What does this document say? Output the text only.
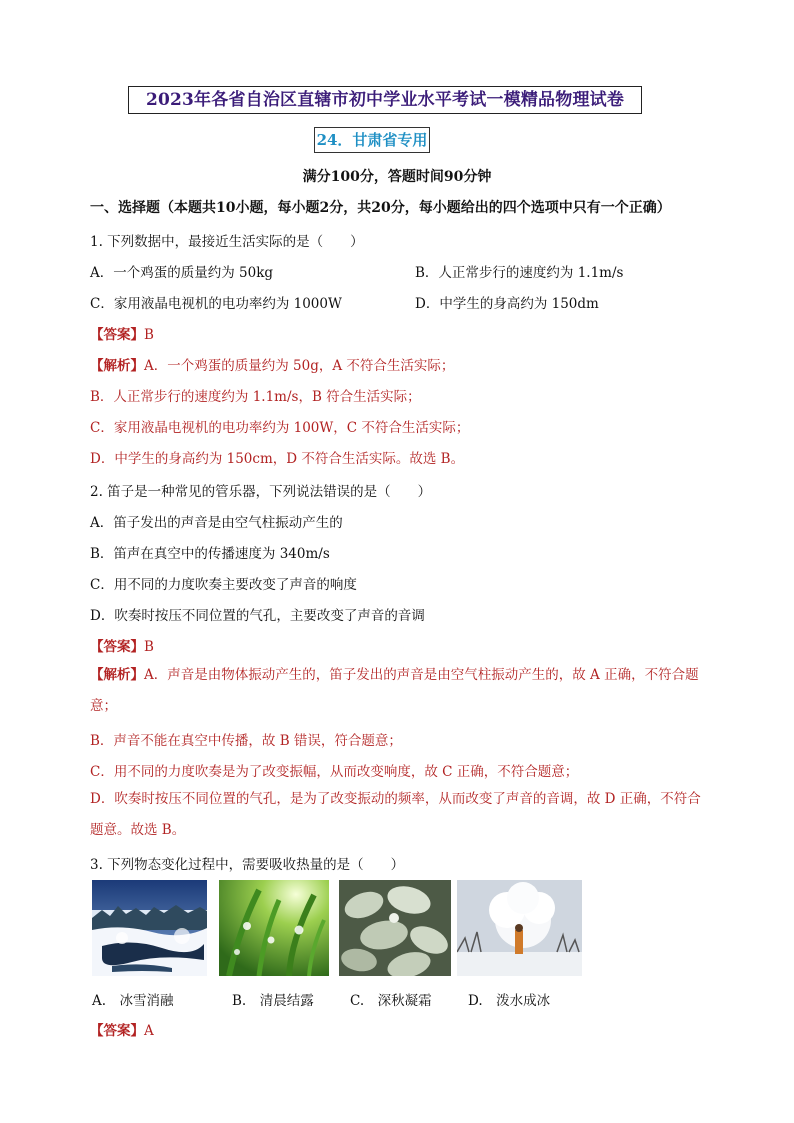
2023年各省自治区直辖市初中学业水平考试一模精品物理试卷
24．甘肃省专用
满分100分，答题时间90分钟
一、选择题（本题共10小题，每小题2分，共20分，每小题给出的四个选项中只有一个正确）
1. 下列数据中，最接近生活实际的是（　　）
A．一个鸡蛋的质量约为 50kg	B．人正常步行的速度约为 1.1m/s
C．家用液晶电视机的电功率约为 1000W	D．中学生的身高约为 150dm
【答案】B
【解析】A．一个鸡蛋的质量约为 50g，A 不符合生活实际；
B．人正常步行的速度约为 1.1m/s，B 符合生活实际；
C．家用液晶电视机的电功率约为 100W，C 不符合生活实际；
D．中学生的身高约为 150cm，D 不符合生活实际。故选 B。
2. 笛子是一种常见的管乐器，下列说法错误的是（　　）
A．笛子发出的声音是由空气柱振动产生的
B．笛声在真空中的传播速度为 340m/s
C．用不同的力度吹奏主要改变了声音的响度
D．吹奏时按压不同位置的气孔，主要改变了声音的音调
【答案】B
【解析】A．声音是由物体振动产生的，笛子发出的声音是由空气柱振动产生的，故 A 正确，不符合题意；
B．声音不能在真空中传播，故 B 错误，符合题意；
C．用不同的力度吹奏是为了改变振幅，从而改变响度，故 C 正确，不符合题意；
D．吹奏时按压不同位置的气孔，是为了改变振动的频率，从而改变了声音的音调，故 D 正确，不符合题意。故选 B。
3. 下列物态变化过程中，需要吸收热量的是（　　）
A.　冰雪消融	B.　清晨结露	C.　深秋凝霜	D.　泼水成冰
【答案】A
